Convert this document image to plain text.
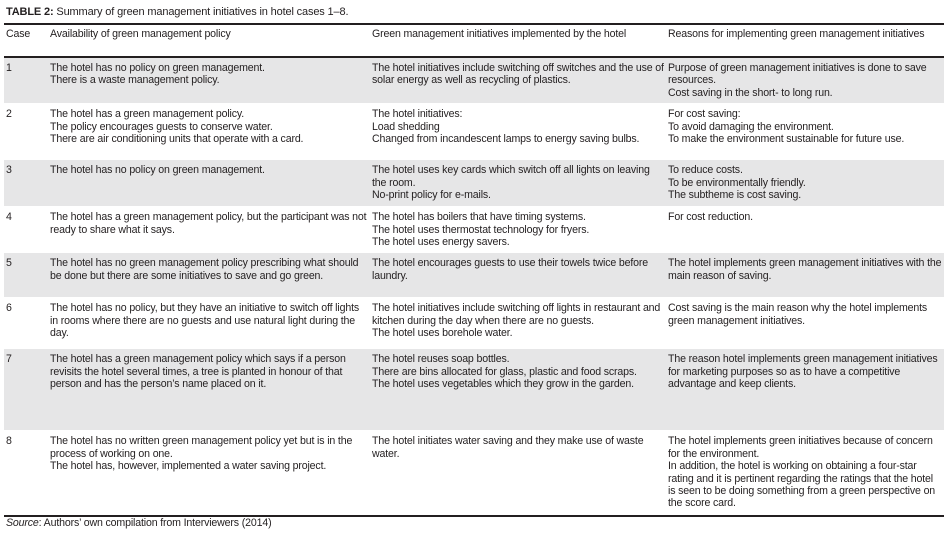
TABLE 2: Summary of green management initiatives in hotel cases 1–8.
Case	Availability of green management policy	Green management initiatives implemented by the hotel	Reasons for implementing green management initiatives
1	The hotel has no policy on green management.
There is a waste management policy.	The hotel initiatives include switching off switches and the use of solar energy as well as recycling of plastics.	Purpose of green management initiatives is done to save resources.
Cost saving in the short- to long run.

2	The hotel has a green management policy.
The policy encourages guests to conserve water.
There are air conditioning units that operate with a card.	The hotel initiatives:
Load shedding
Changed from incandescent lamps to energy saving bulbs.	For cost saving:
To avoid damaging the environment.
To make the environment sustainable for future use.

3	The hotel has no policy on green management.	The hotel uses key cards which switch off all lights on leaving the room.
No-print policy for e-mails.	To reduce costs.
To be environmentally friendly.
The subtheme is cost saving.

4	The hotel has a green management policy, but the participant was not ready to share what it says.	The hotel has boilers that have timing systems.
The hotel uses thermostat technology for fryers.
The hotel uses energy savers.	For cost reduction.

5	The hotel has no green management policy prescribing what should be done but there are some initiatives to save and go green.	The hotel encourages guests to use their towels twice before laundry.	The hotel implements green management initiatives with the main reason of saving.

6	The hotel has no policy, but they have an initiative to switch off lights in rooms where there are no guests and use natural light during the day.	The hotel initiatives include switching off lights in restaurant and kitchen during the day when there are no guests.
The hotel uses borehole water.	Cost saving is the main reason why the hotel implements green management initiatives.

7	The hotel has a green management policy which says if a person revisits the hotel several times, a tree is planted in honour of that person and has the person’s name placed on it.	The hotel reuses soap bottles.
There are bins allocated for glass, plastic and food scraps.
The hotel uses vegetables which they grow in the garden.	The reason hotel implements green management initiatives for marketing purposes so as to have a competitive advantage and keep clients.

8	The hotel has no written green management policy yet but is in the process of working on one.
The hotel has, however, implemented a water saving project.	The hotel initiates water saving and they make use of waste water.	The hotel implements green initiatives because of concern for the environment.
In addition, the hotel is working on obtaining a four-star rating and it is pertinent regarding the ratings that the hotel is seen to be doing something from a green perspective on the score card.
Source: Authors’ own compilation from Interviewers (2014)
